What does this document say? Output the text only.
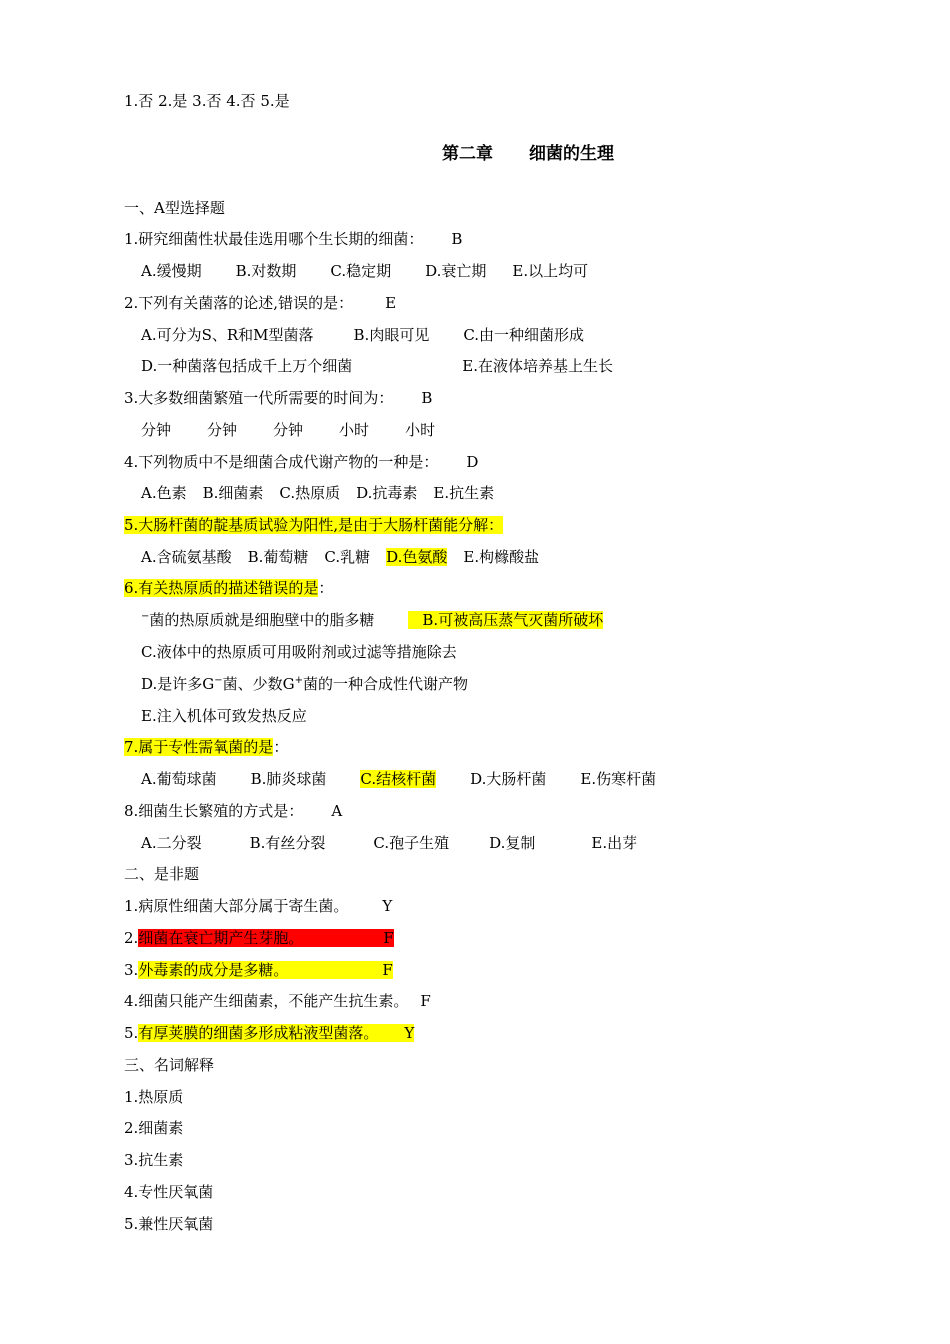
1.否 2.是 3.否 4.否 5.是
第二章 细菌的生理
一、A型选择题
1.研究细菌性状最佳选用哪个生长期的细菌： B
A.缓慢期 B.对数期 C.稳定期 D.衰亡期 E.以上均可
2.下列有关菌落的论述,错误的是： E
A.可分为S、R和M型菌落	B.肉眼可见 C.由一种细菌形成
D.一种菌落包括成千上万个细菌	E.在液体培养基上生长
3.大多数细菌繁殖一代所需要的时间为： B
分钟 分钟 分钟 小时 小时
4.下列物质中不是细菌合成代谢产物的一种是： D
A.色素 B.细菌素 C.热原质 D.抗毒素 E.抗生素
5.大肠杆菌的靛基质试验为阳性,是由于大肠杆菌能分解：
A.含硫氨基酸 B.葡萄糖 C.乳糖 D.色氨酸 E.枸橼酸盐
6.有关热原质的描述错误的是：
−菌的热原质就是细胞壁中的脂多糖	B.可被高压蒸气灭菌所破坏
C.液体中的热原质可用吸附剂或过滤等措施除去
D.是许多G−菌、少数G+菌的一种合成性代谢产物
E.注入机体可致发热反应
7.属于专性需氧菌的是：
A.葡萄球菌 B.肺炎球菌 C.结核杆菌 D.大肠杆菌 E.伤寒杆菌
8.细菌生长繁殖的方式是： A
A.二分裂	B.有丝分裂	C.孢子生殖	D.复制	E.出芽
二、是非题
1.病原性细菌大部分属于寄生菌。 Y
2.细菌在衰亡期产生芽胞。	F
3.外毒素的成分是多糖。	F
4.细菌只能产生细菌素，不能产生抗生素。 F
5.有厚荚膜的细菌多形成粘液型菌落。 Y
三、名词解释
1.热原质
2.细菌素
3.抗生素
4.专性厌氧菌
5.兼性厌氧菌
